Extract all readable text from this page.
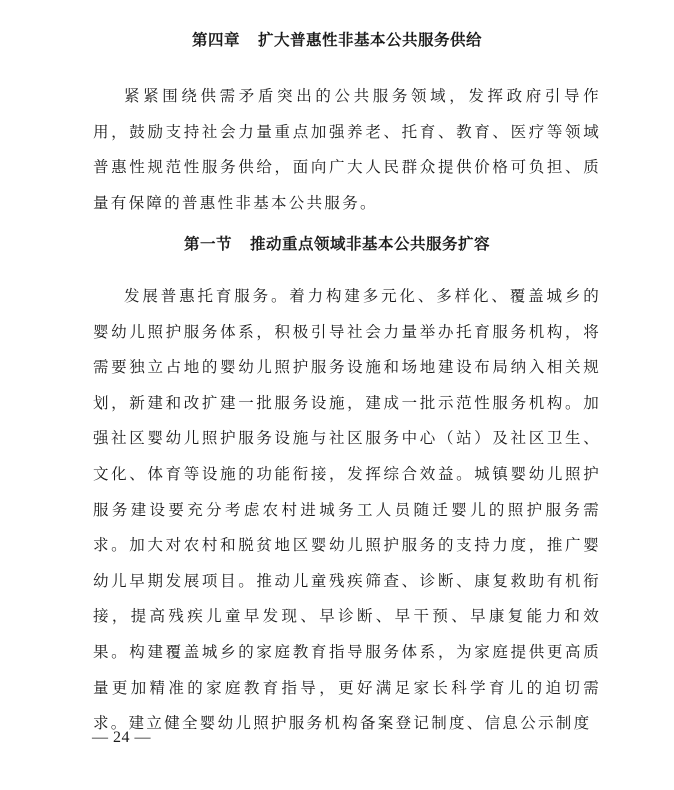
第四章 扩大普惠性非基本公共服务供给

紧紧围绕供需矛盾突出的公共服务领域，发挥政府引导作用，鼓励支持社会力量重点加强养老、托育、教育、医疗等领域普惠性规范性服务供给，面向广大人民群众提供价格可负担、质量有保障的普惠性非基本公共服务。

第一节 推动重点领域非基本公共服务扩容

发展普惠托育服务。着力构建多元化、多样化、覆盖城乡的婴幼儿照护服务体系，积极引导社会力量举办托育服务机构，将需要独立占地的婴幼儿照护服务设施和场地建设布局纳入相关规划，新建和改扩建一批服务设施，建成一批示范性服务机构。加强社区婴幼儿照护服务设施与社区服务中心（站）及社区卫生、文化、体育等设施的功能衔接，发挥综合效益。城镇婴幼儿照护服务建设要充分考虑农村进城务工人员随迁婴儿的照护服务需求。加大对农村和脱贫地区婴幼儿照护服务的支持力度，推广婴幼儿早期发展项目。推动儿童残疾筛查、诊断、康复救助有机衔接，提高残疾儿童早发现、早诊断、早干预、早康复能力和效果。构建覆盖城乡的家庭教育指导服务体系，为家庭提供更高质量更加精准的家庭教育指导，更好满足家长科学育儿的迫切需求。建立健全婴幼儿照护服务机构备案登记制度、信息公示制度

— 24 —
